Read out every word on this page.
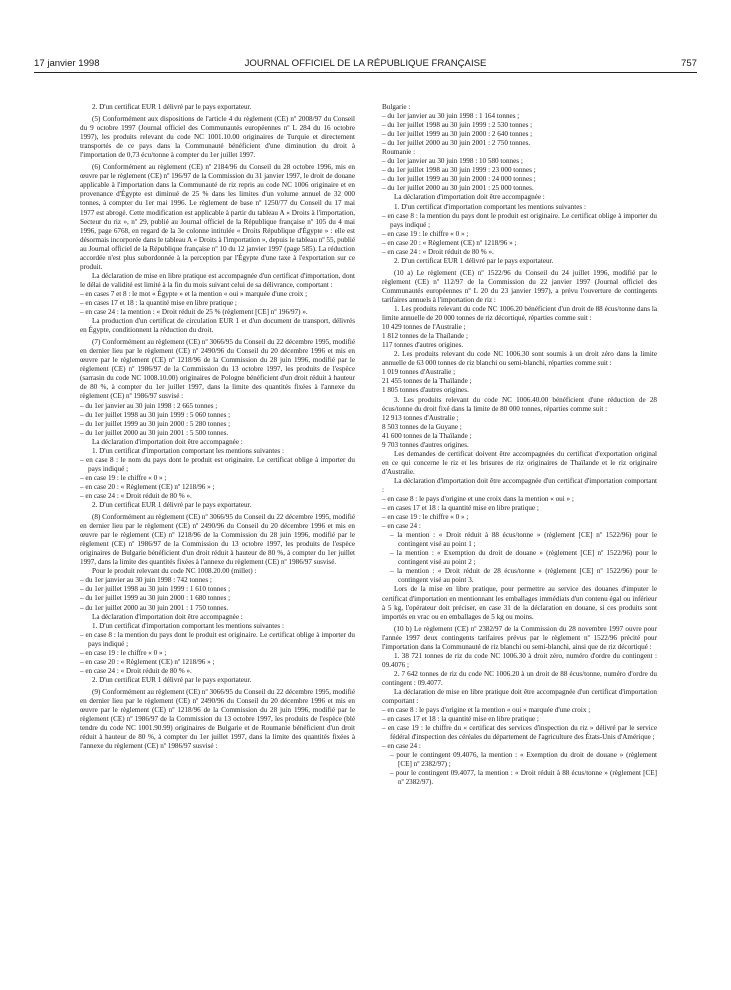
17 janvier 1998	JOURNAL OFFICIEL DE LA RÉPUBLIQUE FRANÇAISE	757

2. D'un certificat EUR 1 délivré par le pays exportateur.

(5) Conformément aux dispositions de l'article 4 du règlement (CE) nº 2008/97 du Conseil du 9 octobre 1997 (Journal officiel des Communautés européennes nº L 284 du 16 octobre 1997), les produits relevant du code NC 1001.10.00 originaires de Turquie et directement transportés de ce pays dans la Communauté bénéficient d'une diminution du droit à l'importation de 0,73 écu/tonne à compter du 1er juillet 1997.

(6) Conformément au règlement (CE) nº 2184/96 du Conseil du 28 octobre 1996, mis en œuvre par le règlement (CE) nº 196/97 de la Commission du 31 janvier 1997, le droit de douane applicable à l'importation dans la Communauté de riz repris au code NC 1006 originaire et en provenance d'Égypte est diminué de 25 % dans les limites d'un volume annuel de 32 000 tonnes, à compter du 1er mai 1996. Le règlement de base nº 1250/77 du Conseil du 17 mai 1977 est abrogé. Cette modification est applicable à partir du tableau A « Droits à l'importation, Secteur du riz », nº 29, publié au Journal officiel de la République française nº 105 du 4 mai 1996, page 6768, en regard de la 3e colonne intitulée « Droits République d'Égypte » : elle est désormais incorporée dans le tableau A « Droits à l'importation », depuis le tableau nº 55, publié au Journal officiel de la République française nº 10 du 12 janvier 1997 (page 585). La réduction accordée n'est plus subordonnée à la perception par l'Égypte d'une taxe à l'exportation sur ce produit.

La déclaration de mise en libre pratique est accompagnée d'un certificat d'importation, dont le délai de validité est limité à la fin du mois suivant celui de sa délivrance, comportant :

– en cases 7 et 8 : le mot « Égypte » et la mention « oui » marquée d'une croix ;

– en cases 17 et 18 : la quantité mise en libre pratique ;

– en case 24 : la mention : « Droit réduit de 25 % (règlement [CE] nº 196/97) ».

La production d'un certificat de circulation EUR 1 et d'un document de transport, délivrés en Égypte, conditionnent la réduction du droit.

(7) Conformément au règlement (CE) nº 3066/95 du Conseil du 22 décembre 1995, modifié en dernier lieu par le règlement (CE) nº 2490/96 du Conseil du 20 décembre 1996 et mis en œuvre par le règlement (CE) nº 1218/96 de la Commission du 28 juin 1996, modifié par le règlement (CE) nº 1986/97 de la Commission du 13 octobre 1997, les produits de l'espèce (sarrasin du code NC 1008.10.00) originaires de Pologne bénéficient d'un droit réduit à hauteur de 80 %, à compter du 1er juillet 1997, dans la limite des quantités fixées à l'annexe du règlement (CE) nº 1986/97 susvisé :

– du 1er janvier au 30 juin 1998 : 2 665 tonnes ;

– du 1er juillet 1998 au 30 juin 1999 : 5 060 tonnes ;

– du 1er juillet 1999 au 30 juin 2000 : 5 280 tonnes ;

– du 1er juillet 2000 au 30 juin 2001 : 5 500 tonnes.

La déclaration d'importation doit être accompagnée :

1. D'un certificat d'importation comportant les mentions suivantes :

– en case 8 : le nom du pays dont le produit est originaire. Le certificat oblige à importer du pays indiqué ;

– en case 19 : le chiffre « 0 » ;

– en case 20 : « Règlement (CE) nº 1218/96 » ;

– en case 24 : « Droit réduit de 80 % ».

2. D'un certificat EUR 1 délivré par le pays exportateur.

(8) Conformément au règlement (CE) nº 3066/95 du Conseil du 22 décembre 1995, modifié en dernier lieu par le règlement (CE) nº 2490/96 du Conseil du 20 décembre 1996 et mis en œuvre par le règlement (CE) nº 1218/96 de la Commission du 28 juin 1996, modifié par le règlement (CE) nº 1986/97 de la Commission du 13 octobre 1997, les produits de l'espèce originaires de Bulgarie bénéficient d'un droit réduit à hauteur de 80 %, à compter du 1er juillet 1997, dans la limite des quantités fixées à l'annexe du règlement (CE) nº 1986/97 susvisé.

Pour le produit relevant du code NC 1008.20.00 (millet) :

– du 1er janvier au 30 juin 1998 : 742 tonnes ;

– du 1er juillet 1998 au 30 juin 1999 : 1 610 tonnes ;

– du 1er juillet 1999 au 30 juin 2000 : 1 680 tonnes ;

– du 1er juillet 2000 au 30 juin 2001 : 1 750 tonnes.

La déclaration d'importation doit être accompagnée :

1. D'un certificat d'importation comportant les mentions suivantes :

– en case 8 : la mention du pays dont le produit est originaire. Le certificat oblige à importer du pays indiqué ;

– en case 19 : le chiffre « 0 » ;

– en case 20 : « Règlement (CE) nº 1218/96 » ;

– en case 24 : « Droit réduit de 80 % ».

2. D'un certificat EUR 1 délivré par le pays exportateur.

(9) Conformément au règlement (CE) nº 3066/95 du Conseil du 22 décembre 1995, modifié en dernier lieu par le règlement (CE) nº 2490/96 du Conseil du 20 décembre 1996 et mis en œuvre par le règlement (CE) nº 1218/96 de la Commission du 28 juin 1996, modifié par le règlement (CE) nº 1986/97 de la Commission du 13 octobre 1997, les produits de l'espèce (blé tendre du code NC 1001.90.99) originaires de Bulgarie et de Roumanie bénéficient d'un droit réduit à hauteur de 80 %, à compter du 1er juillet 1997, dans la limite des quantités fixées à l'annexe du règlement (CE) nº 1986/97 susvisé :

Bulgarie :

– du 1er janvier au 30 juin 1998 : 1 164 tonnes ;

– du 1er juillet 1998 au 30 juin 1999 : 2 530 tonnes ;

– du 1er juillet 1999 au 30 juin 2000 : 2 640 tonnes ;

– du 1er juillet 2000 au 30 juin 2001 : 2 750 tonnes.

Roumanie :

– du 1er janvier au 30 juin 1998 : 10 580 tonnes ;

– du 1er juillet 1998 au 30 juin 1999 : 23 000 tonnes ;

– du 1er juillet 1999 au 30 juin 2000 : 24 000 tonnes ;

– du 1er juillet 2000 au 30 juin 2001 : 25 000 tonnes.

La déclaration d'importation doit être accompagnée :

1. D'un certificat d'importation comportant les mentions suivantes :

– en case 8 : la mention du pays dont le produit est originaire. Le certificat oblige à importer du pays indiqué ;

– en case 19 : le chiffre « 0 » ;

– en case 20 : « Règlement (CE) nº 1218/96 » ;

– en case 24 : « Droit réduit de 80 % ».

2. D'un certificat EUR 1 délivré par le pays exportateur.

(10 a) Le règlement (CE) nº 1522/96 du Conseil du 24 juillet 1996, modifié par le règlement (CE) nº 112/97 de la Commission du 22 janvier 1997 (Journal officiel des Communautés européennes nº L 20 du 23 janvier 1997), a prévu l'ouverture de contingents tarifaires annuels à l'importation de riz :

1. Les produits relevant du code NC 1006.20 bénéficient d'un droit de 88 écus/tonne dans la limite annuelle de 20 000 tonnes de riz décortiqué, réparties comme suit :

10 429 tonnes de l'Australie ;

1 812 tonnes de la Thaïlande ;

117 tonnes d'autres origines.

2. Les produits relevant du code NC 1006.30 sont soumis à un droit zéro dans la limite annuelle de 63 000 tonnes de riz blanchi ou semi-blanchi, réparties comme suit :

1 019 tonnes d'Australie ;

21 455 tonnes de la Thaïlande ;

1 805 tonnes d'autres origines.

3. Les produits relevant du code NC 1006.40.00 bénéficient d'une réduction de 28 écus/tonne du droit fixé dans la limite de 80 000 tonnes, réparties comme suit :

12 913 tonnes d'Australie ;

8 503 tonnes de la Guyane ;

41 600 tonnes de la Thaïlande ;

9 703 tonnes d'autres origines.

Les demandes de certificat doivent être accompagnées du certificat d'exportation original en ce qui concerne le riz et les brisures de riz originaires de Thaïlande et le riz originaire d'Australie.

La déclaration d'importation doit être accompagnée d'un certificat d'importation comportant :

– en case 8 : le pays d'origine et une croix dans la mention « oui » ;

– en cases 17 et 18 : la quantité mise en libre pratique ;

– en case 19 : le chiffre « 0 » ;

– en case 24 :

– la mention : « Droit réduit à 88 écus/tonne » (règlement [CE] nº 1522/96) pour le contingent visé au point 1 ;

– la mention : « Exemption du droit de douane » (règlement [CE] nº 1522/96) pour le contingent visé au point 2 ;

– la mention : « Droit réduit de 28 écus/tonne » (règlement [CE] nº 1522/96) pour le contingent visé au point 3.

Lors de la mise en libre pratique, pour permettre au service des douanes d'imputer le certificat d'importation en mentionnant les emballages immédiats d'un contenu égal ou inférieur à 5 kg, l'opérateur doit préciser, en case 31 de la déclaration en douane, si ces produits sont importés en vrac ou en emballages de 5 kg ou moins.

(10 b) Le règlement (CE) nº 2382/97 de la Commission du 28 novembre 1997 ouvre pour l'année 1997 deux contingents tarifaires prévus par le règlement nº 1522/96 précité pour l'importation dans la Communauté de riz blanchi ou semi-blanchi, ainsi que de riz décortiqué :

1. 38 721 tonnes de riz du code NC 1006.30 à droit zéro, numéro d'ordre du contingent : 09.4076 ;

2. 7 642 tonnes de riz du code NC 1006.20 à un droit de 88 écus/tonne, numéro d'ordre du contingent : 09.4077.

La déclaration de mise en libre pratique doit être accompagnée d'un certificat d'importation comportant :

– en case 8 : le pays d'origine et la mention « oui » marquée d'une croix ;

– en cases 17 et 18 : la quantité mise en libre pratique ;

– en case 19 : le chiffre du « certificat des services d'inspection du riz » délivré par le service fédéral d'inspection des céréales du département de l'agriculture des États-Unis d'Amérique ;

– en case 24 :

– pour le contingent 09.4076, la mention : « Exemption du droit de douane » (règlement [CE] nº 2382/97) ;

– pour le contingent 09.4077, la mention : « Droit réduit à 88 écus/tonne » (règlement [CE] nº 2382/97).
